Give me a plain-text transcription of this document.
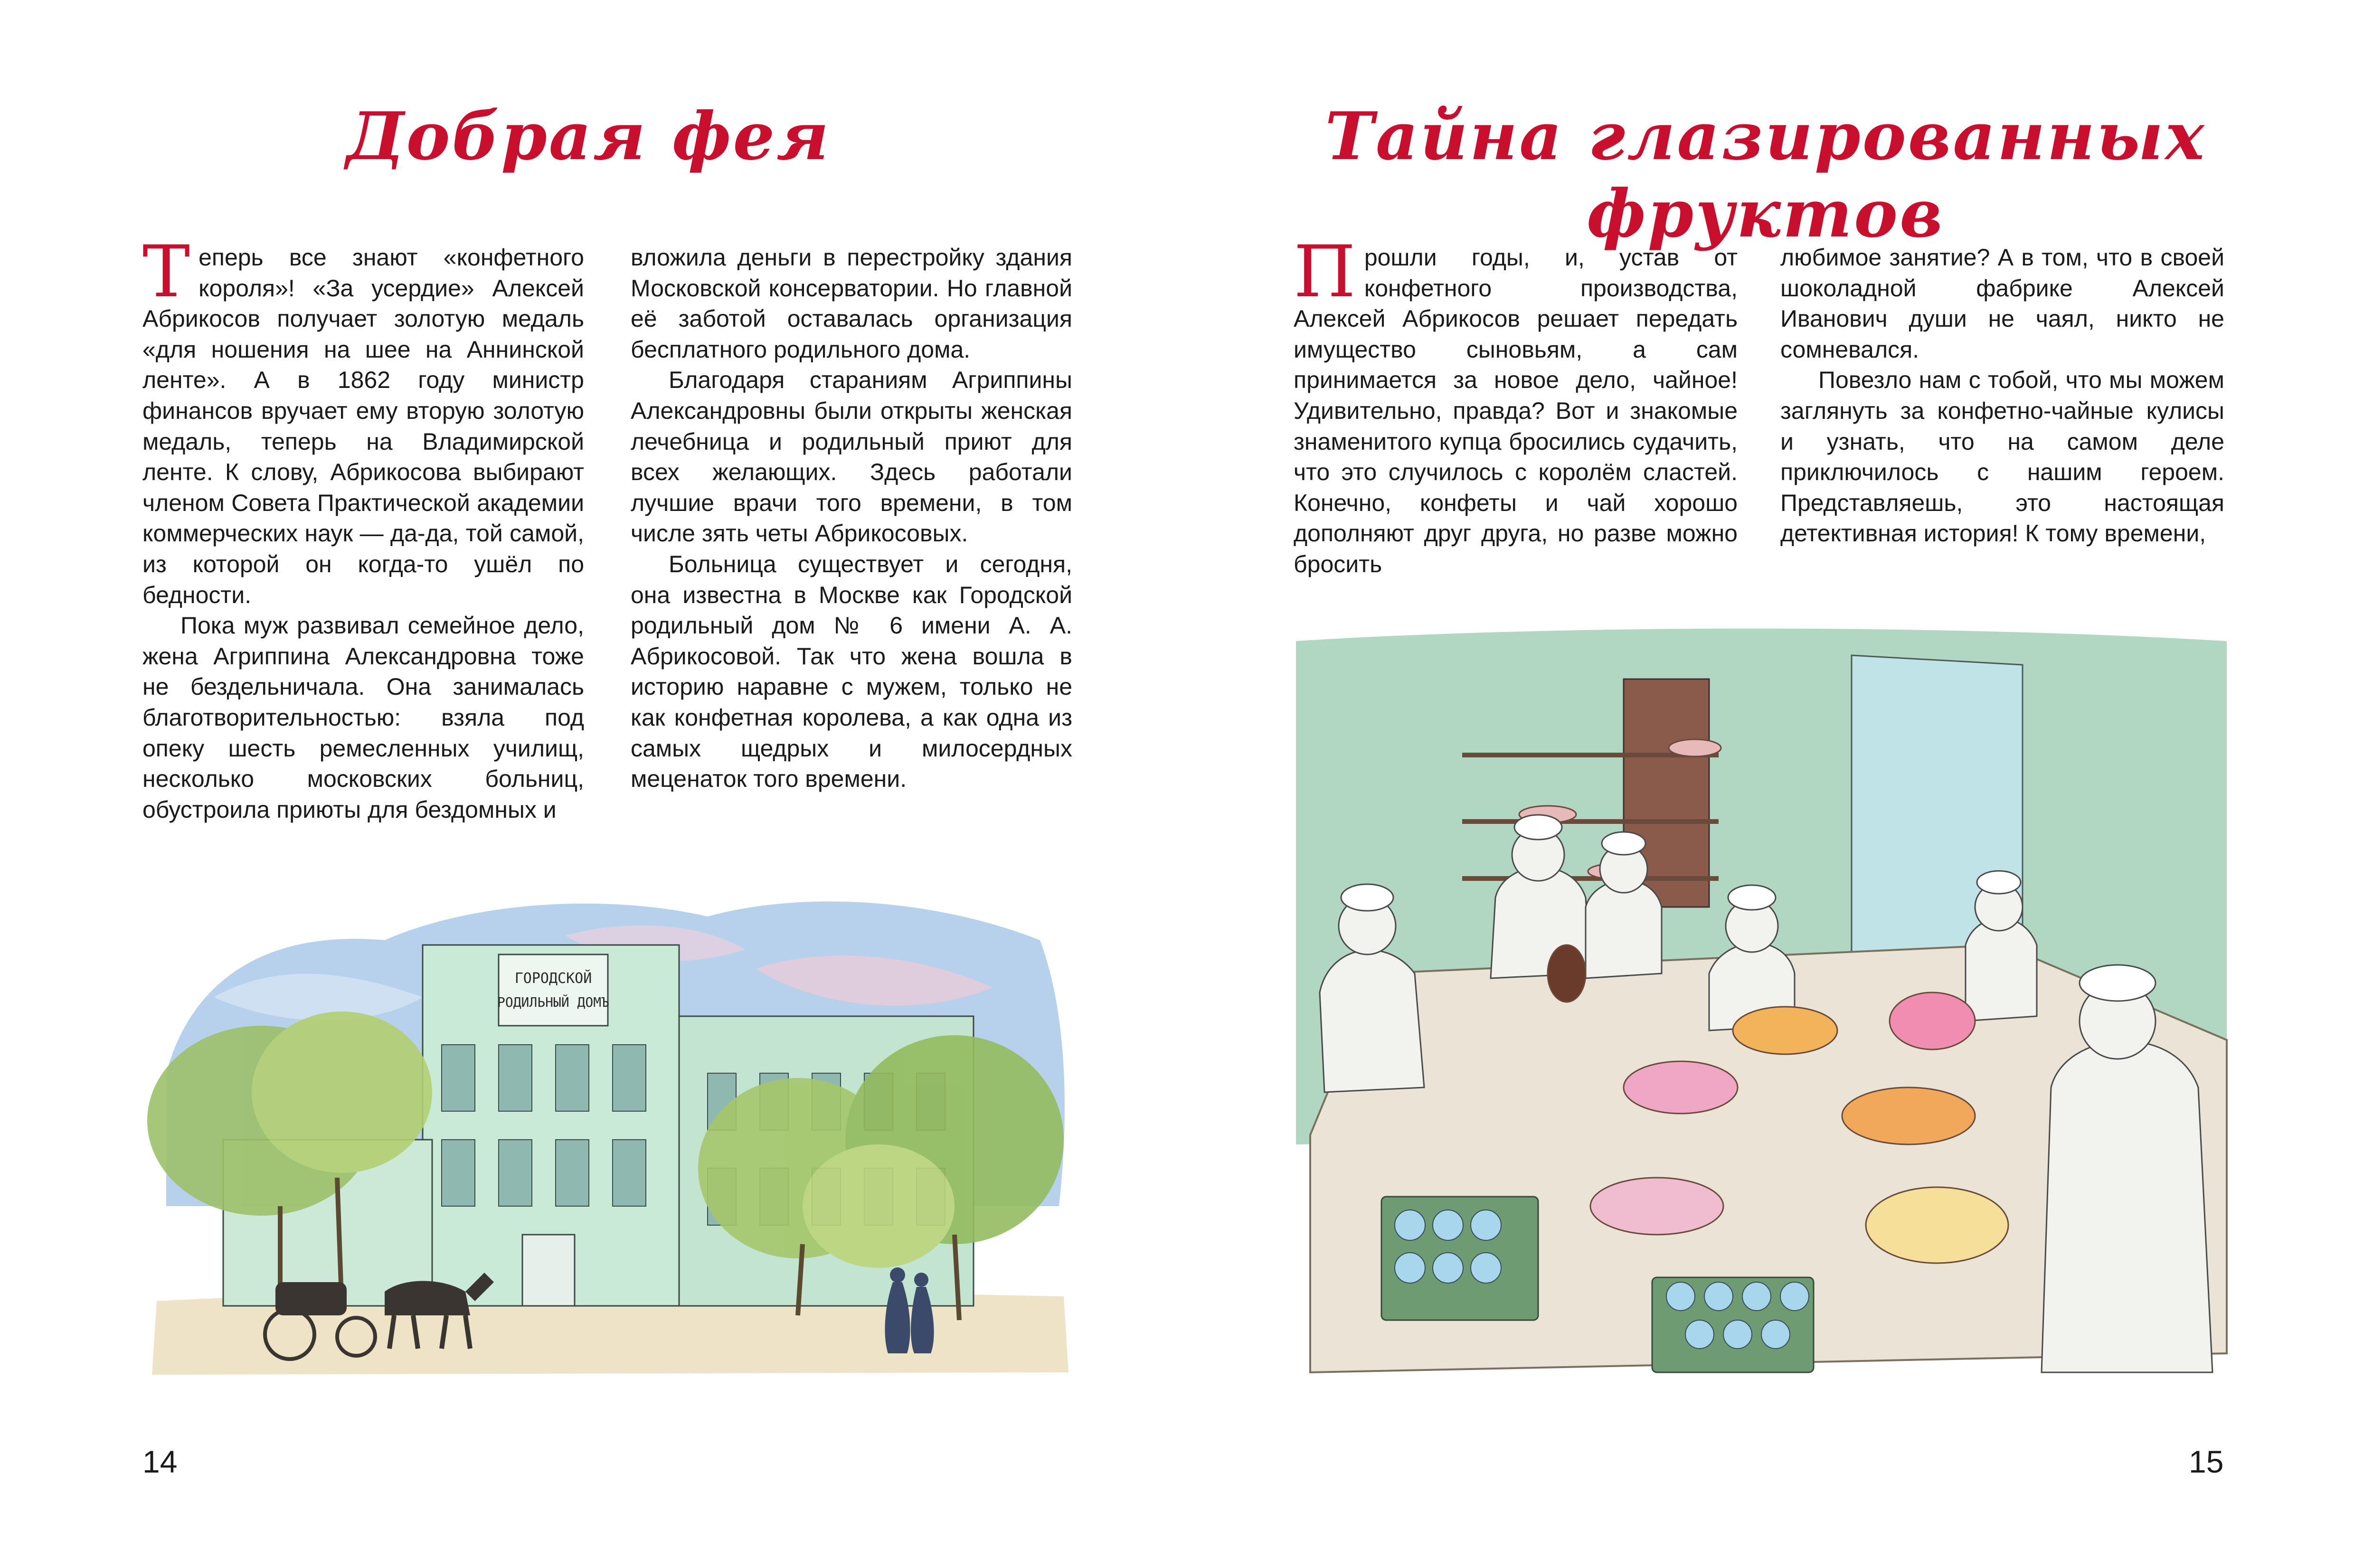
Добрая фея

Теперь все знают «конфетного короля»! «За усердие» Алексей Абрикосов получает золотую медаль «для ношения на шее на Аннинской ленте». А в 1862 году министр финансов вручает ему вторую золотую медаль, теперь на Владимирской ленте. К слову, Абрикосова выбирают членом Совета Практической академии коммерческих наук — да-да, той самой, из которой он когда-то ушёл по бедности.

Пока муж развивал семейное дело, жена Агриппина Александровна тоже не бездельничала. Она занималась благотворительностью: взяла под опеку шесть ремесленных училищ, несколько московских больниц, обустроила приюты для бездомных и

вложила деньги в перестройку здания Московской консерватории. Но главной её заботой оставалась организация бесплатного родильного дома.

Благодаря стараниям Агриппины Александровны были открыты женская лечебница и родильный приют для всех желающих. Здесь работали лучшие врачи того времени, в том числе зять четы Абрикосовых.

Больница существует и сегодня, она известна в Москве как Городской родильный дом № 6 имени А. А. Абрикосовой. Так что жена вошла в историю наравне с мужем, только не как конфетная королева, а как одна из самых щедрых и милосердных меценаток того времени.

ГОРОДСКОЙ
РОДИЛЬНЫЙ ДОМЪ
14
Тайна глазированных фруктов

Прошли годы, и, устав от конфетного производства, Алексей Абрикосов решает передать имущество сыновьям, а сам принимается за новое дело, чайное! Удивительно, правда? Вот и знакомые знаменитого купца бросились судачить, что это случилось с королём сластей. Конечно, конфеты и чай хорошо дополняют друг друга, но разве можно бросить

любимое занятие? А в том, что в своей шоколадной фабрике Алексей Иванович души не чаял, никто не сомневался.

Повезло нам с тобой, что мы можем заглянуть за конфетно-чайные кулисы и узнать, что на самом деле приключилось с нашим героем. Представляешь, это настоящая детективная история! К тому времени,

15
